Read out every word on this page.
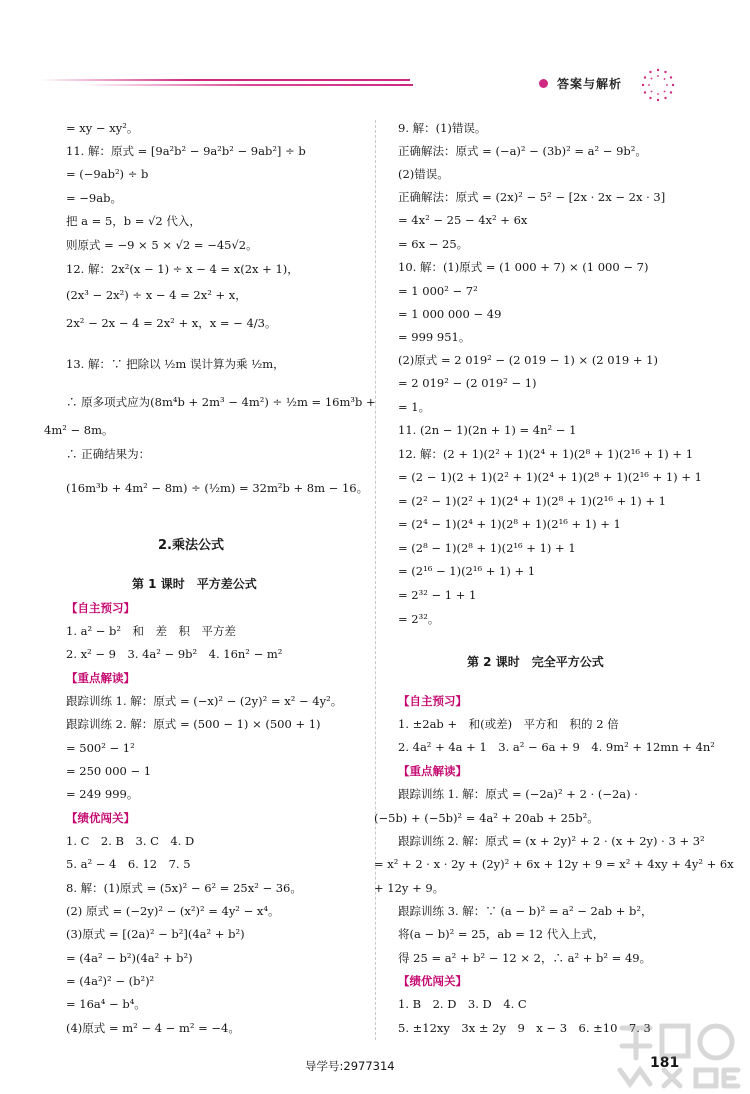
答案与解析
= xy − xy²。
11. 解：原式 = [9a²b² − 9a²b² − 9ab²] ÷ b
= (−9ab²) ÷ b
= −9ab。
把 a = 5，b = √2 代入，
则原式 = −9 × 5 × √2 = −45√2。
12. 解：2x²(x − 1) ÷ x − 4 = x(2x + 1)，
(2x³ − 2x²) ÷ x − 4 = 2x² + x，
2x² − 2x − 4 = 2x² + x，x = − 4/3。
13. 解：∵ 把除以 ½m 误计算为乘 ½m，
∴ 原多项式应为(8m⁴b + 2m³ − 4m²) ÷ ½m = 16m³b +
4m² − 8m。
∴ 正确结果为：
(16m³b + 4m² − 8m) ÷ (½m) = 32m²b + 8m − 16。
2.乘法公式
第 1 课时　平方差公式
【自主预习】
1. a² − b²　和　差　积　平方差
2. x² − 9　3. 4a² − 9b²　4. 16n² − m²
【重点解读】
跟踪训练 1. 解：原式 = (−x)² − (2y)² = x² − 4y²。
跟踪训练 2. 解：原式 = (500 − 1) × (500 + 1)
= 500² − 1²
= 250 000 − 1
= 249 999。
【绩优闯关】
1. C　2. B　3. C　4. D
5. a² − 4　6. 12　7. 5
8. 解：(1)原式 = (5x)² − 6² = 25x² − 36。
(2) 原式 = (−2y)² − (x²)² = 4y² − x⁴。
(3)原式 = [(2a)² − b²](4a² + b²)
= (4a² − b²)(4a² + b²)
= (4a²)² − (b²)²
= 16a⁴ − b⁴。
(4)原式 = m² − 4 − m² = −4。
9. 解：(1)错误。
正确解法：原式 = (−a)² − (3b)² = a² − 9b²。
(2)错误。
正确解法：原式 = (2x)² − 5² − [2x · 2x − 2x · 3]
= 4x² − 25 − 4x² + 6x
= 6x − 25。
10. 解：(1)原式 = (1 000 + 7) × (1 000 − 7)
= 1 000² − 7²
= 1 000 000 − 49
= 999 951。
(2)原式 = 2 019² − (2 019 − 1) × (2 019 + 1)
= 2 019² − (2 019² − 1)
= 1。
11. (2n − 1)(2n + 1) = 4n² − 1
12. 解：(2 + 1)(2² + 1)(2⁴ + 1)(2⁸ + 1)(2¹⁶ + 1) + 1
= (2 − 1)(2 + 1)(2² + 1)(2⁴ + 1)(2⁸ + 1)(2¹⁶ + 1) + 1
= (2² − 1)(2² + 1)(2⁴ + 1)(2⁸ + 1)(2¹⁶ + 1) + 1
= (2⁴ − 1)(2⁴ + 1)(2⁸ + 1)(2¹⁶ + 1) + 1
= (2⁸ − 1)(2⁸ + 1)(2¹⁶ + 1) + 1
= (2¹⁶ − 1)(2¹⁶ + 1) + 1
= 2³² − 1 + 1
= 2³²。
第 2 课时　完全平方公式
【自主预习】
1. ±2ab +　和(或差)　平方和　积的 2 倍
2. 4a² + 4a + 1　3. a² − 6a + 9　4. 9m² + 12mn + 4n²
【重点解读】
跟踪训练 1. 解：原式 = (−2a)² + 2 · (−2a) ·
(−5b) + (−5b)² = 4a² + 20ab + 25b²。
跟踪训练 2. 解：原式 = (x + 2y)² + 2 · (x + 2y) · 3 + 3²
= x² + 2 · x · 2y + (2y)² + 6x + 12y + 9 = x² + 4xy + 4y² + 6x
+ 12y + 9。
跟踪训练 3. 解：∵ (a − b)² = a² − 2ab + b²，
将(a − b)² = 25，ab = 12 代入上式，
得 25 = a² + b² − 12 × 2，∴ a² + b² = 49。
【绩优闯关】
1. B　2. D　3. D　4. C
5. ±12xy　3x ± 2y　9　x − 3　6. ±10　7. 3
导学号:2977314	181
